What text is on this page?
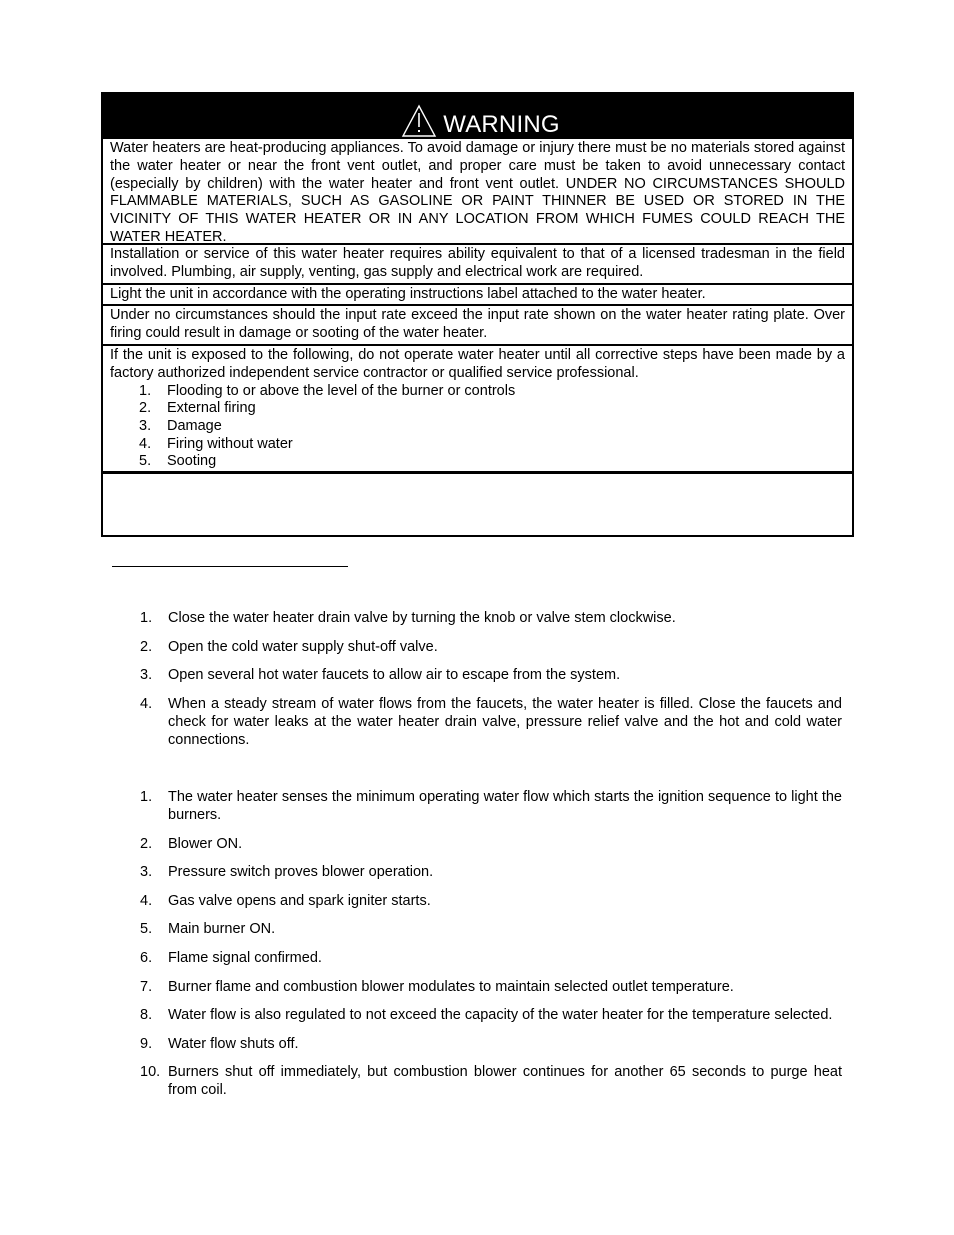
WARNING

Water heaters are heat-producing appliances. To avoid damage or injury there must be no materials stored against the water heater or near the front vent outlet, and proper care must be taken to avoid unnecessary contact (especially by children) with the water heater and front vent outlet. UNDER NO CIRCUMSTANCES SHOULD FLAMMABLE MATERIALS, SUCH AS GASOLINE OR PAINT THINNER BE USED OR STORED IN THE VICINITY OF THIS WATER HEATER OR IN ANY LOCATION FROM WHICH FUMES COULD REACH THE WATER HEATER.

Installation or service of this water heater requires ability equivalent to that of a licensed tradesman in the field involved. Plumbing, air supply, venting, gas supply and electrical work are required.

Light the unit in accordance with the operating instructions label attached to the water heater.

Under no circumstances should the input rate exceed the input rate shown on the water heater rating plate. Over firing could result in damage or sooting of the water heater.

If the unit is exposed to the following, do not operate water heater until all corrective steps have been made by a factory authorized independent service contractor or qualified service professional.

1.	Flooding to or above the level of the burner or controls
2.	External firing
3.	Damage
4.	Firing without water
5.	Sooting
1.	Close the water heater drain valve by turning the knob or valve stem clockwise.
2.	Open the cold water supply shut-off valve.
3.	Open several hot water faucets to allow air to escape from the system.
4.	When a steady stream of water flows from the faucets, the water heater is filled. Close the faucets and check for water leaks at the water heater drain valve, pressure relief valve and the hot and cold water connections.
1.	The water heater senses the minimum operating water flow which starts the ignition sequence to light the burners.
2.	Blower ON.
3.	Pressure switch proves blower operation.
4.	Gas valve opens and spark igniter starts.
5.	Main burner ON.
6.	Flame signal confirmed.
7.	Burner flame and combustion blower modulates to maintain selected outlet temperature.
8.	Water flow is also regulated to not exceed the capacity of the water heater for the temperature selected.
9.	Water flow shuts off.
10. Burners shut off immediately, but combustion blower continues for another 65 seconds to purge heat from coil.
